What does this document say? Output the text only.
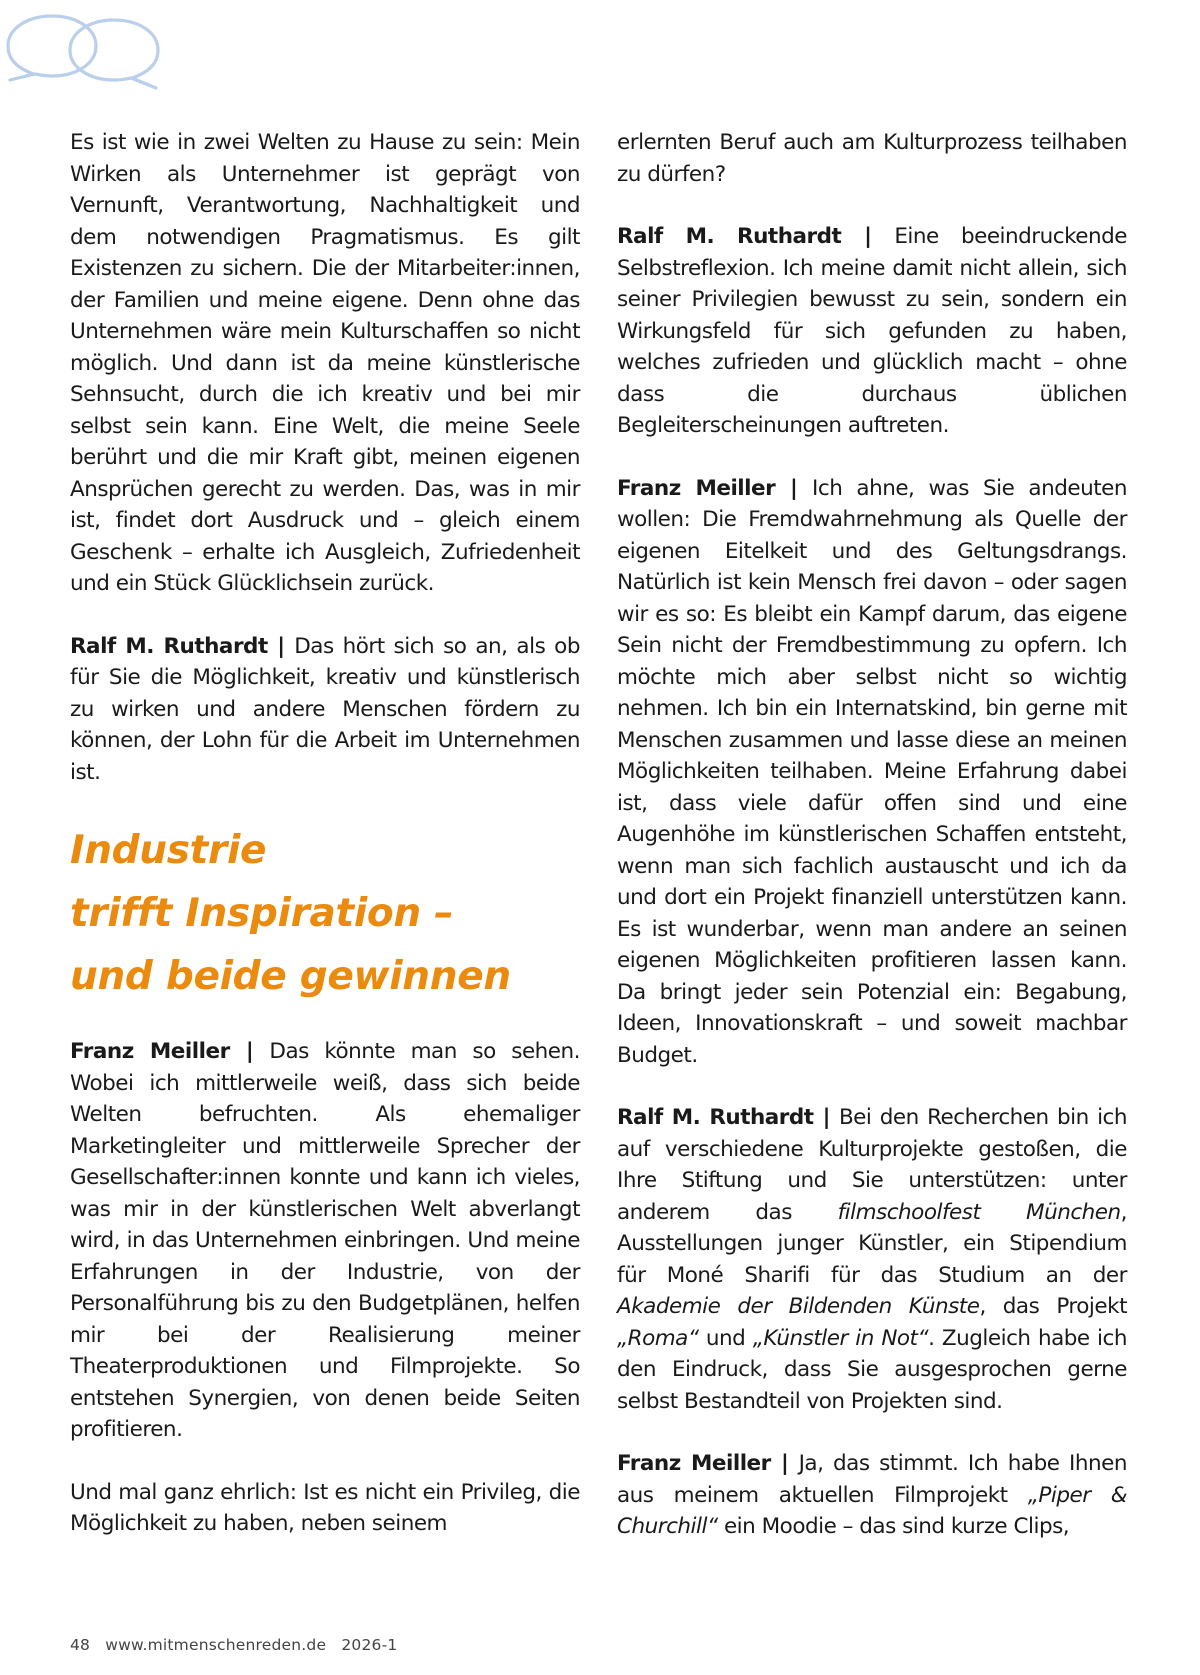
Es ist wie in zwei Welten zu Hause zu sein: Mein Wirken als Unternehmer ist geprägt von Vernunft, Verantwortung, Nachhaltigkeit und dem notwendigen Pragmatismus. Es gilt Existenzen zu sichern. Die der Mitarbeiter:innen, der Familien und meine eigene. Denn ohne das Unternehmen wäre mein Kulturschaffen so nicht möglich. Und dann ist da meine künstlerische Sehnsucht, durch die ich kreativ und bei mir selbst sein kann. Eine Welt, die meine Seele berührt und die mir Kraft gibt, meinen eigenen Ansprüchen gerecht zu werden. Das, was in mir ist, findet dort Ausdruck und – gleich einem Geschenk – erhalte ich Ausgleich, Zufriedenheit und ein Stück Glücklichsein zurück.

Ralf M. Ruthardt | Das hört sich so an, als ob für Sie die Möglichkeit, kreativ und künstlerisch zu wirken und andere Menschen fördern zu können, der Lohn für die Arbeit im Unternehmen ist.

Industrie
trifft Inspiration –
und beide gewinnen

Franz Meiller | Das könnte man so sehen. Wobei ich mittlerweile weiß, dass sich beide Welten befruchten. Als ehemaliger Marketingleiter und mittlerweile Sprecher der Gesellschafter:innen konnte und kann ich vieles, was mir in der künstlerischen Welt abverlangt wird, in das Unternehmen einbringen. Und meine Erfahrungen in der Industrie, von der Personalführung bis zu den Budgetplänen, helfen mir bei der Realisierung meiner Theaterproduktionen und Filmprojekte. So entstehen Synergien, von denen beide Seiten profitieren.

Und mal ganz ehrlich: Ist es nicht ein Privileg, die Möglichkeit zu haben, neben seinem

erlernten Beruf auch am Kulturprozess teilhaben zu dürfen?

Ralf M. Ruthardt | Eine beeindruckende Selbstreflexion. Ich meine damit nicht allein, sich seiner Privilegien bewusst zu sein, sondern ein Wirkungsfeld für sich gefunden zu haben, welches zufrieden und glücklich macht – ohne dass die durchaus üblichen Begleiterscheinungen auftreten.

Franz Meiller | Ich ahne, was Sie andeuten wollen: Die Fremdwahrnehmung als Quelle der eigenen Eitelkeit und des Geltungsdrangs. Natürlich ist kein Mensch frei davon – oder sagen wir es so: Es bleibt ein Kampf darum, das eigene Sein nicht der Fremdbestimmung zu opfern. Ich möchte mich aber selbst nicht so wichtig nehmen. Ich bin ein Internatskind, bin gerne mit Menschen zusammen und lasse diese an meinen Möglichkeiten teilhaben. Meine Erfahrung dabei ist, dass viele dafür offen sind und eine Augenhöhe im künstlerischen Schaffen entsteht, wenn man sich fachlich austauscht und ich da und dort ein Projekt finanziell unterstützen kann. Es ist wunderbar, wenn man andere an seinen eigenen Möglichkeiten profitieren lassen kann. Da bringt jeder sein Potenzial ein: Begabung, Ideen, Innovationskraft – und soweit machbar Budget.

Ralf M. Ruthardt | Bei den Recherchen bin ich auf verschiedene Kulturprojekte gestoßen, die Ihre Stiftung und Sie unterstützen: unter anderem das filmschoolfest München, Ausstellungen junger Künstler, ein Stipendium für Moné Sharifi für das Studium an der Akademie der Bildenden Künste, das Projekt „Roma“ und „Künstler in Not“. Zugleich habe ich den Eindruck, dass Sie ausgesprochen gerne selbst Bestandteil von Projekten sind.

Franz Meiller | Ja, das stimmt. Ich habe Ihnen aus meinem aktuellen Filmprojekt „Piper & Churchill“ ein Moodie – das sind kurze Clips,

48 www.mitmenschenreden.de 2026-1
